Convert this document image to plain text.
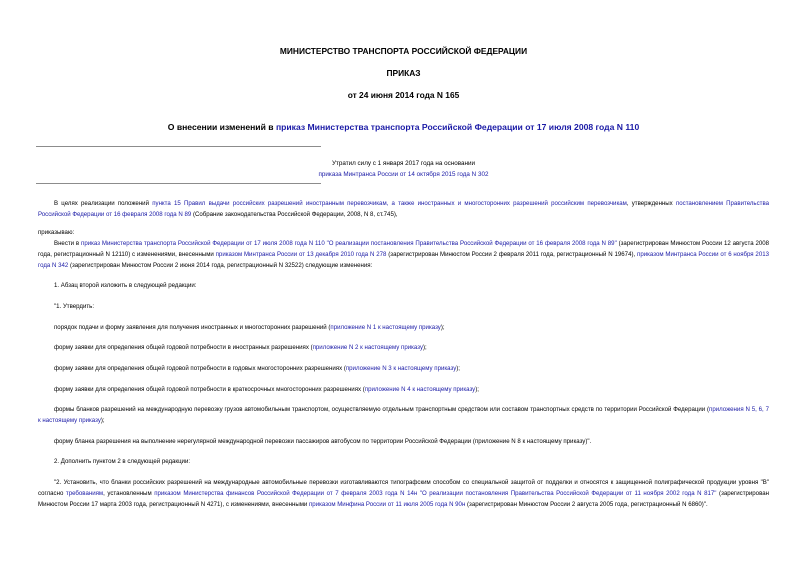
МИНИСТЕРСТВО ТРАНСПОРТА РОССИЙСКОЙ ФЕДЕРАЦИИ
ПРИКАЗ
от 24 июня 2014 года N 165
О внесении изменений в приказ Министерства транспорта Российской Федерации от 17 июля 2008 года N 110
Утратил силу с 1 января 2017 года на основании
приказа Минтранса России от 14 октября 2015 года N 302
В целях реализации положений пункта 15 Правил выдачи российских разрешений иностранным перевозчикам, а также иностранных и многосторонних разрешений российским перевозчикам, утвержденных постановлением Правительства Российской Федерации от 16 февраля 2008 года N 89 (Собрание законодательства Российской Федерации, 2008, N 8, ст.745),
приказываю:
Внести в приказ Министерства транспорта Российской Федерации от 17 июля 2008 года N 110 "О реализации постановления Правительства Российской Федерации от 16 февраля 2008 года N 89" (зарегистрирован Минюстом России 12 августа 2008 года, регистрационный N 12110) с изменениями, внесенными приказом Минтранса России от 13 декабря 2010 года N 278 (зарегистрирован Минюстом России 2 февраля 2011 года, регистрационный N 19674), приказом Минтранса России от 6 ноября 2013 года N 342 (зарегистрирован Минюстом России 2 июня 2014 года, регистрационный N 32522) следующие изменения:
1. Абзац второй изложить в следующей редакции:
"1. Утвердить:
порядок подачи и форму заявления для получения иностранных и многосторонних разрешений (приложение N 1 к настоящему приказу);
форму заявки для определения общей годовой потребности в иностранных разрешениях (приложение N 2 к настоящему приказу);
форму заявки для определения общей годовой потребности в годовых многосторонних разрешениях (приложение N 3 к настоящему приказу);
форму заявки для определения общей годовой потребности в краткосрочных многосторонних разрешениях (приложение N 4 к настоящему приказу);
формы бланков разрешений на международную перевозку грузов автомобильным транспортом, осуществляемую отдельным транспортным средством или составом транспортных средств по территории Российской Федерации (приложения N 5, 6, 7 к настоящему приказу);
форму бланка разрешения на выполнение нерегулярной международной перевозки пассажиров автобусом по территории Российской Федерации (приложение N 8 к настоящему приказу)".
2. Дополнить пунктом 2 в следующей редакции:
"2. Установить, что бланки российских разрешений на международные автомобильные перевозки изготавливаются типографским способом со специальной защитой от подделки и относятся к защищенной полиграфической продукции уровня "В" согласно требованиям, установленным приказом Министерства финансов Российской Федерации от 7 февраля 2003 года N 14н "О реализации постановления Правительства Российской Федерации от 11 ноября 2002 года N 817" (зарегистрирован Минюстом России 17 марта 2003 года, регистрационный N 4271), с изменениями, внесенными приказом Минфина России от 11 июля 2005 года N 90н (зарегистрирован Минюстом России 2 августа 2005 года, регистрационный N 6860)".
